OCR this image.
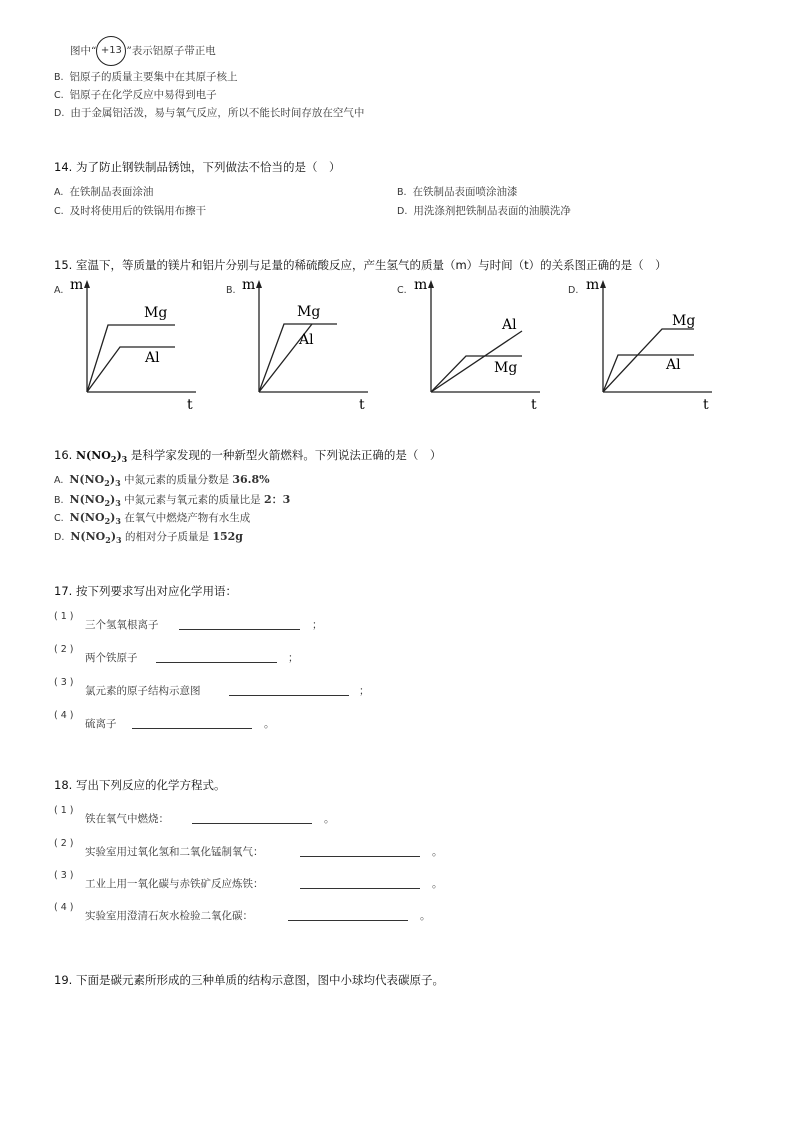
图中“ +13 ”表示铝原子带正电
B. 铝原子的质量主要集中在其原子核上
C. 铝原子在化学反应中易得到电子
D. 由于金属铝活泼，易与氧气反应，所以不能长时间存放在空气中
14. 为了防止钢铁制品锈蚀，下列做法不恰当的是（　）
A. 在铁制品表面涂油	B. 在铁制品表面喷涂油漆
C. 及时将使用后的铁锅用布擦干	D. 用洗涤剂把铁制品表面的油膜洗净
15. 室温下，等质量的镁片和铝片分别与足量的稀硫酸反应，产生氢气的质量（m）与时间（t）的关系图正确的是（　）
A. m
t
Mg
Al
B. m
t
Mg
Al
C. m
t
Al
Mg
D. m
t
Mg
Al
16. $N(NO_2)_3$ 是科学家发现的一种新型火箭燃料。下列说法正确的是（　）
A. $N(NO_2)_3$ 中氮元素的质量分数是 36.8%
B. $N(NO_2)_3$ 中氮元素与氧元素的质量比是 2：3
C. $N(NO_2)_3$ 在氧气中燃烧产物有水生成
D. $N(NO_2)_3$ 的相对分子质量是 152g
17. 按下列要求写出对应化学用语：
(1)
三个氢氧根离子	；
(2)
两个铁原子	；
(3)
氯元素的原子结构示意图	；
(4)
硫离子	。
18. 写出下列反应的化学方程式。
(1)
铁在氧气中燃烧：	。
(2)
实验室用过氧化氢和二氧化锰制氧气：	。
(3)
工业上用一氧化碳与赤铁矿反应炼铁：	。
(4)
实验室用澄清石灰水检验二氧化碳：	。
19. 下面是碳元素所形成的三种单质的结构示意图，图中小球均代表碳原子。
